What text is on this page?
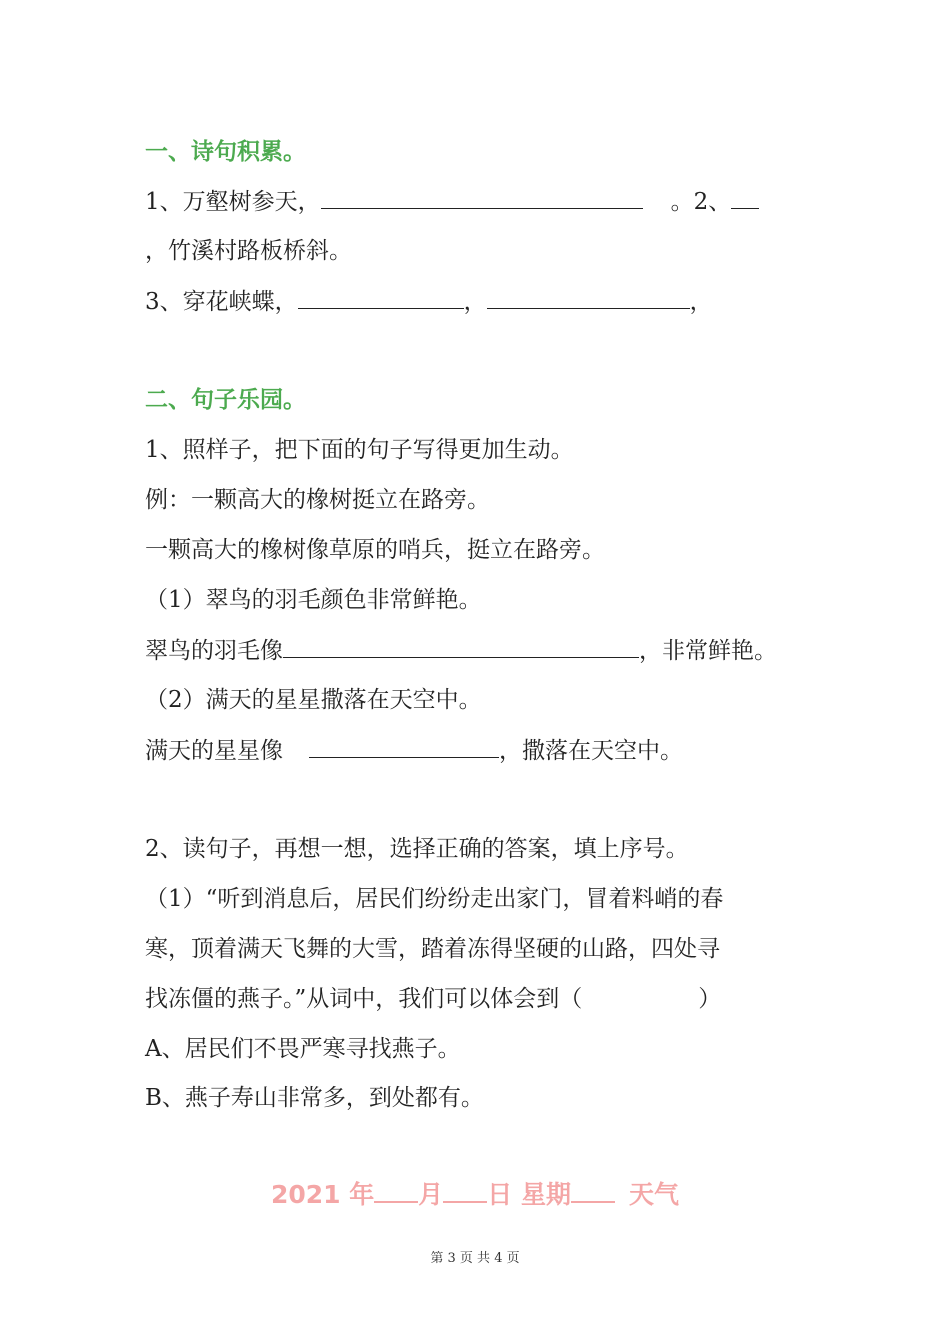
一、诗句积累。
1、万壑树参天，	。2、
，竹溪村路板桥斜。
3、穿花峡蝶，	，	，
二、句子乐园。
1、照样子，把下面的句子写得更加生动。
例：一颗高大的橡树挺立在路旁。
一颗高大的橡树像草原的哨兵，挺立在路旁。
（1）翠鸟的羽毛颜色非常鲜艳。
翠鸟的羽毛像	，非常鲜艳。
（2）满天的星星撒落在天空中。
满天的星星像	，撒落在天空中。
2、读句子，再想一想，选择正确的答案，填上序号。
（1）“听到消息后，居民们纷纷走出家门，冒着料峭的春
寒，顶着满天飞舞的大雪，踏着冻得坚硬的山路，四处寻
找冻僵的燕子。”从词中，我们可以体会到（	）
A、居民们不畏严寒寻找燕子。
B、燕子寿山非常多，到处都有。
2021 年 月 日 星期 天气
第 3 页 共 4 页
